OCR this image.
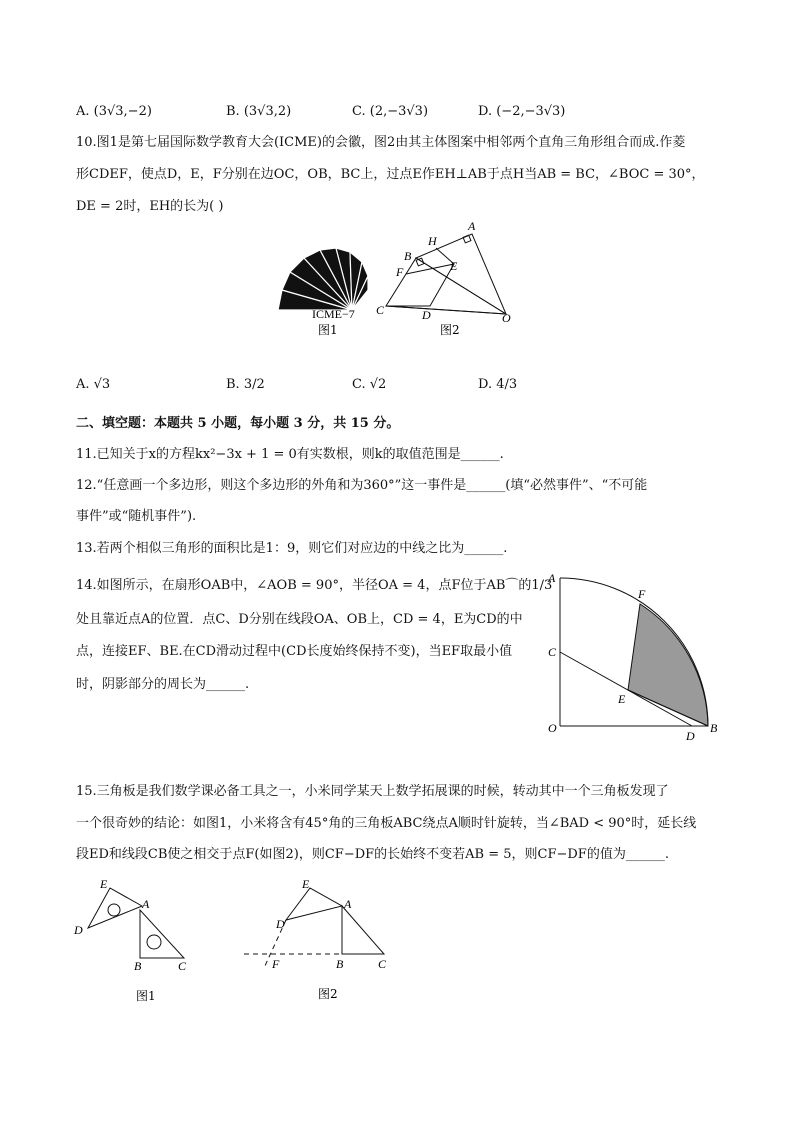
A. (3√3,−2)	B. (3√3,2)	C. (2,−3√3)	D. (−2,−3√3)
10.图1是第七届国际数学教育大会(ICME)的会徽，图2由其主体图案中相邻两个直角三角形组合而成.作菱
形CDEF，使点D，E，F分别在边OC，OB，BC上，过点E作EH⊥AB于点H当AB = BC，∠BOC = 30°，
DE = 2时，EH的长为( )
ICME−7
图1
A
H
B
F	E
C	D	O
图2
A. √3	B. 3/2	C. √2	D. 4/3
二、填空题：本题共 5 小题，每小题 3 分，共 15 分。
11.已知关于x的方程kx²−3x + 1 = 0有实数根，则k的取值范围是______.
12.“任意画一个多边形，则这个多边形的外角和为360°”这一事件是______(填“必然事件”、“不可能
事件”或“随机事件”).
13.若两个相似三角形的面积比是1：9，则它们对应边的中线之比为______.
14.如图所示，在扇形OAB中，∠AOB = 90°，半径OA = 4，点F位于AB⌒的1/3
处且靠近点A的位置．点C、D分别在线段OA、OB上，CD = 4，E为CD的中
点，连接EF、BE.在CD滑动过程中(CD长度始终保持不变)，当EF取最小值
时，阴影部分的周长为______.
A
F
C
E
O
D
B
15.三角板是我们数学课必备工具之一，小米同学某天上数学拓展课的时候，转动其中一个三角板发现了
一个很奇妙的结论：如图1，小米将含有45°角的三角板ABC绕点A顺时针旋转，当∠BAD < 90°时，延长线
段ED和线段CB使之相交于点F(如图2)，则CF−DF的长始终不变若AB = 5，则CF−DF的值为______.
E
A
D
B	C
图1
E
A
D
F	B	C
图2
